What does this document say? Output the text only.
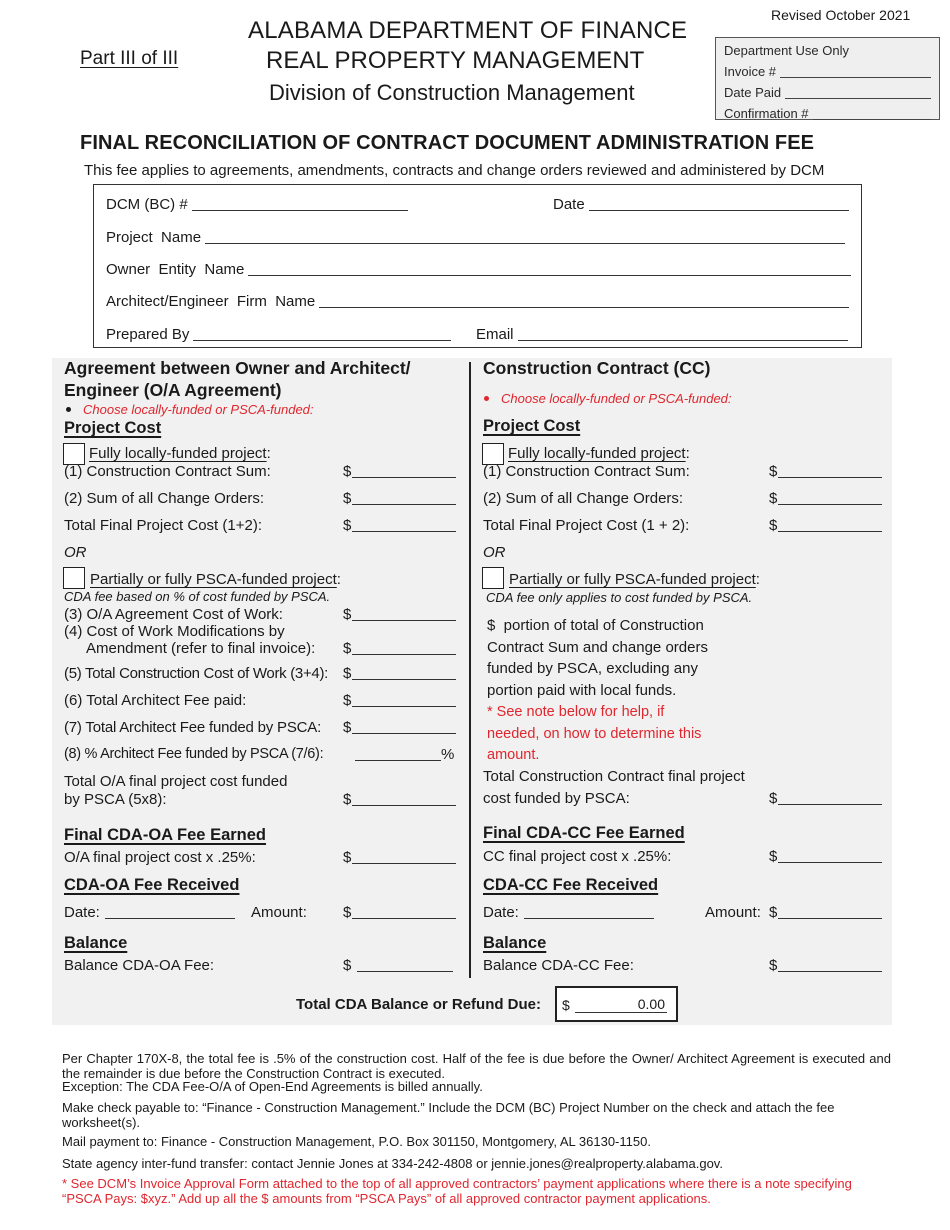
Revised October 2021
Part III of III
ALABAMA DEPARTMENT OF FINANCE
REAL PROPERTY MANAGEMENT
Division of Construction Management
Department Use Only
Invoice #
Date Paid
Confirmation #
FINAL RECONCILIATION OF CONTRACT DOCUMENT ADMINISTRATION FEE
This fee applies to agreements, amendments, contracts and change orders reviewed and administered by DCM
DCM (BC) #	Date
Project  Name
Owner  Entity  Name
Architect/Engineer  Firm  Name
Prepared By	Email
Agreement between Owner and Architect/
Engineer (O/A Agreement)
Choose locally-funded or PSCA-funded:
Project Cost
Fully locally-funded project:
(1) Construction Contract Sum:	$
(2) Sum of all Change Orders:	$
Total Final Project Cost (1+2):	$
OR
Partially or fully PSCA-funded project:
CDA fee based on % of cost funded by PSCA.
(3) O/A Agreement Cost of Work:	$
(4) Cost of Work Modifications by
Amendment (refer to final invoice): $
(5) Total Construction Cost of Work (3+4): $
(6) Total Architect Fee paid:	$
(7) Total Architect Fee funded by PSCA: $
(8) % Architect Fee funded by PSCA (7/6):	%
Total O/A final project cost funded
by PSCA (5x8):	$
Final CDA-OA Fee Earned
O/A final project cost x .25%:	$
CDA-OA Fee Received
Date:	Amount: $
Balance
Balance CDA-OA Fee:	$
Construction Contract (CC)
Choose locally-funded or PSCA-funded:
Project Cost
Fully locally-funded project:
(1) Construction Contract Sum:	$
(2) Sum of all Change Orders:	$
Total Final Project Cost (1 + 2):	$
OR
Partially or fully PSCA-funded project:
CDA fee only applies to cost funded by PSCA.
$  portion of total of Construction
Contract Sum and change orders
funded by PSCA, excluding any
portion paid with local funds.
* See note below for help, if
needed, on how to determine this
amount.
Total Construction Contract final project
cost funded by PSCA:	$
Final CDA-CC Fee Earned
CC final project cost x .25%:	$
CDA-CC Fee Received
Date:	Amount: $
Balance
Balance CDA-CC Fee:	$
Total CDA Balance or Refund Due: $	0.00
Per Chapter 170X-8, the total fee is .5% of the construction cost. Half of the fee is due before the Owner/ Architect Agreement is executed and the remainder is due before the Construction Contract is executed.
Exception: The CDA Fee-O/A of Open-End Agreements is billed annually.
Make check payable to: “Finance - Construction Management.” Include the DCM (BC) Project Number on the check and attach the fee worksheet(s).
Mail payment to: Finance - Construction Management, P.O. Box 301150, Montgomery, AL 36130-1150.
State agency inter-fund transfer: contact Jennie Jones at 334-242-4808 or jennie.jones@realproperty.alabama.gov.
* See DCM’s Invoice Approval Form attached to the top of all approved contractors’ payment applications where there is a note specifying “PSCA Pays: $xyz.” Add up all the $ amounts from “PSCA Pays” of all approved contractor payment applications.
